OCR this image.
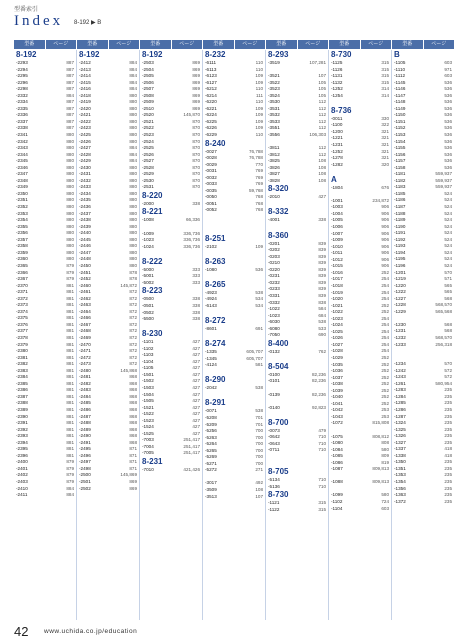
型番索引
Index 8-192 ▶ B
型番	ページ	型番	ページ	型番	ページ	型番	ページ	型番	ページ	型番	ページ	型番	ページ
8-192
-2293	887
-2294	887
-2295	887
-2296	887
-2298	887
-2332	884
-2334	887
-2335	887
-2336	887
-2337	887
-2338	887
-2341	880
-2342	880
-2343	880
-2344	880
-2345	880
-2346	880
-2347	880
-2348	880
-2349	880
-2350	880
-2351	880
-2352	880
-2353	880
-2354	880
-2355	880
-2356	880
-2357	880
-2358	880
-2359	880
-2360	880
-2365	879
-2366	879
-2367	879
-2370	881
-2371	881
-2372	881
-2373	881
-2374	881
-2375	881
-2376	881
-2377	881
-2378	881
-2379	881
-2380	881
-2381	881
-2382	881
-2383	881
-2384	881
-2385	881
-2386	881
-2387	881
-2388	881
-2389	881
-2390	881
-2391	881
-2392	881
-2393	881
-2394	881
-2395	881
-2396	881
-2400	879
-2401	879
-2402	879
-2403	879
-2410	884
-2411	884
8-192
-2412	884
-2413	884
-2414	884
-2415	884
-2416	884
-2418	880
-2419	880
-2420	880
-2421	880
-2422	880
-2423	880
-2425	880
-2426	880
-2427	884
-2428	884
-2429	884
-2430	880
-2431	880
-2432	880
-2433	880
-2434	880
-2435	880
-2436	880
-2437	880
-2438	880
-2439	880
-2440	880
-2445	880
-2446	880
-2447	880
-2448	880
-2450	880
-2451	878
-2452	878
-2460	145,872
-2461	872
-2462	872
-2463	872
-2464	872
-2466	872
-2467	872
-2468	872
-2469	872
-2470	872
-2471	872
-2472	872
-2473	872
-2480	145,868
-2481	868
-2482	868
-2483	868
-2484	868
-2485	868
-2486	868
-2487	868
-2488	868
-2489	868
-2490	868
-2491	868
-2495	871
-2496	871
-2497	871
-2498	871
-2500	145,869
-2501	869
-2502	869
8-192
-2503	869
-2504	869
-2505	869
-2506	869
-2507	869
-2508	869
-2509	869
-2510	869
-2520	145,870
-2521	870
-2522	870
-2523	870
-2524	870
-2525	870
-2526	870
-2527	870
-2528	870
-2529	870
-2530	870
-2531	870
8-220
-2000	338
8-221
-1008	66,336

-1009	336,736
-1023	336,736
-1024	336,736

8-222
-5000	333
-5001	333
-5002	333
8-223
-0500	338
-0501	338
-0502	338
-5500	338

8-230
-1101	427
-1102	427
-1103	427
-1104	427
-1105	427
-1501	427
-1502	427
-1503	427
-1504	427
-1505	427
-1521	427
-1522	427
-1523	427
-1524	427
-1525	427
-7003	251,417
-7004	251,417
-7005	251,417
8-231
-7010	421,426

8-232
-6111	110
-6113	110
-6123	109
-6127	109
-6212	110
-6214	111
-6220	110
-6221	109
-6224	109
-6225	109
-6226	109
-6229	110
8-240
-0027	76,788
-0028	76,788
-0029	770
-0031	769
-0032	769
-0033	769
-0035	59,768
-0050	768
-0051	768
-0052	768

8-251
-2102	109

8-263
-1080	536

8-265
-4923	538
-4924	534
-6143	534

8-272
-8601	691

8-274
-1335	605,707
-1345	605,707
-4124	581

8-290
-2042	538

8-291
-0071	538
-5208	701
-5209	701
-5256	700
-5263	700
-5264	700
-5265	700
-5269	700
-5271	700
-5272	271

-3017	492
-3509	108
-3513	107

8-293
-3519	107,281

-3521	107
-3522	105
-3523	105
-3524	105
-3530	112
-3531	112
-3532	112
-3533	112
-3551	112
-3556	106,303

-3811	112
-3812	112
-3825	108
-3826	108
-3827	108
-3828	108
8-320
-2010	427

8-332
-4001	338

8-360
-0201	839
-0202	839
-0203	839
-0210	839
-0220	839
-0231	839
-0232	839
-0233	839
-0331	839
-0332	838
-1022	584
-1023	684
-6030	538
-6080	533
-7050	690
8-400
-0132	762

8-504
-0100	82,236
-0101	82,236

-0139	82,236

-0140	92,823

8-700
-0073	479
-0642	710
-0643	710
-0711	710

8-705
-5134	710
-5136	710
8-730
-1121	315
-1122	315

8-730
-1125	315
-1126	315
-1131	315
-1132	315
-1252	314
-1254	314

8-736
-0011	330
-1100	322
-1200	321
-1221	321
-1231	321
-1252	321
-1278	321
-1282	320

A
-1804	676

-1001	234,872
-1003	906
-1004	906
-1005	906
-1006	906
-1007	906
-1009	906
-1010	906
-1011	906
-1012	906
-1015	906
-1016	252
-1017	254
-1018	254
-1019	254
-1020	254
-1021	252
-1022	252
-1023	254
-1024	254
-1025	254
-1026	254
-1027	254
-1028	254
-1029	252
-1035	252
-1036	252
-1037	252
-1038	252
-1039	252
-1040	252
-1041	252
-1042	253
-1043	253
-1072	815,808

-1075	808,812
-1080	808
-1084	580
-1085	809
-1086	819
-1087	809,813

-1088	809,813

-1099	580
-1102	724
-1104	603
B
-1105	603
-1110	971
-1112	603
-1145	536
-1146	536
-1147	536
-1148	536
-1149	536
-1150	536
-1151	536
-1152	536
-1153	536
-1154	536
-1155	536
-1156	536
-1157	536
-1158	536
-1181	559,937
-1182	559,937
-1183	559,937
-1185	524
-1186	524
-1187	524
-1188	524
-1189	524
-1190	524
-1191	524
-1192	524
-1193	524
-1194	524
-1195	524
-1196	524
-1201	570
-1219	571
-1220	565
-1222	565
-1227	568
-1228	568,570
-1229	565,568

-1230	568
-1231	568
-1232	568,570
-1233	256,318

-1234	570
-1242	572
-1243	572
-1261	580,954
-1283	235
-1284	235
-1285	235
-1286	235
-1287	235
-1324	235
-1325	235
-1326	235
-1327	235
-1337	418
-1338	418
-1350	235
-1351	235
-1353	235
-1354	235
-1356	235
-1363	235
-1372	235
42 www.uchida.co.jp/education
